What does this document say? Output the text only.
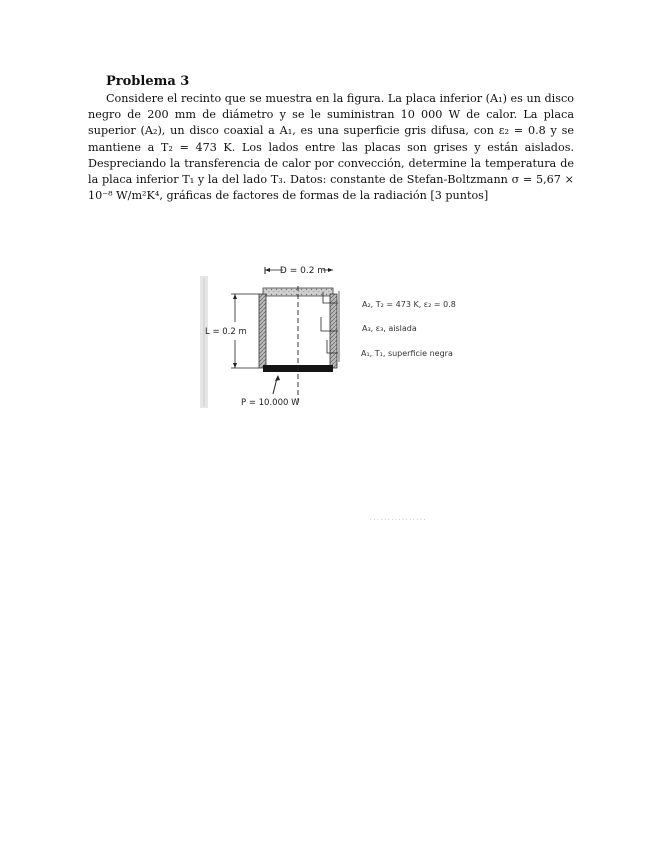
Problema 3

Considere el recinto que se muestra en la figura. La placa inferior (A₁) es un disco negro de 200 mm de diámetro y se le suministran 10 000 W de calor. La placa superior (A₂), un disco coaxial a A₁, es una superficie gris difusa, con ε₂ = 0.8 y se mantiene a T₂ = 473 K. Los lados entre las placas son grises y están aislados. Despreciando la transferencia de calor por convección, determine la temperatura de la placa inferior T₁ y la del lado T₃. Datos: constante de Stefan-Boltzmann σ = 5,67 × 10⁻⁸ W/m²K⁴, gráficas de factores de formas de la radiación [3 puntos]

D = 0.2 m
L = 0.2 m
A₂, T₂ = 473 K, ε₂ = 0.8
A₃, ε₃, aislada
A₁, T₁, superficie negra
P = 10.000 W
· · · · · · · · · · · · · · · ·
